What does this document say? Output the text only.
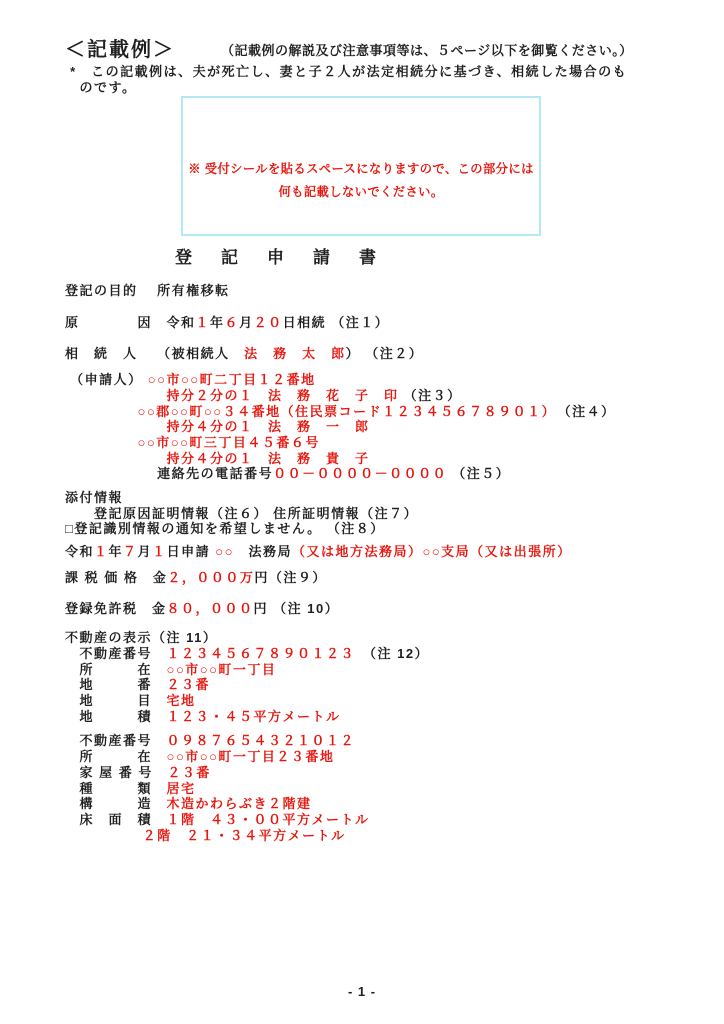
＜記載例＞	（記載例の解説及び注意事項等は、５ページ以下を御覧ください。）
*　この記載例は、夫が死亡し、妻と子２人が法定相続分に基づき、相続した場合のも
　のです。
※ 受付シールを貼るスペースになりますので、この部分には
何も記載しないでください。
登　記　申　請　書
登記の目的　 所有権移転
原　　　　因　令和１年６月２０日相続 （注１）
相　続　人　 （被相続人　法　務　太　郎） （注２）
（申請人） ○○市○○町二丁目１２番地
　　　　　　　持分２分の１　法　務　花　子　印 （注３）
　　　　　○○郡○○町○○３４番地（住民票コード１２３４５６７８９０１）　（注４）
　　　　　　　持分４分の１　法　務　一　郎
　　　　　○○市○○町三丁目４５番６号
　　　　　　　持分４分の１　法　務　貴　子
　　　　　　 連絡先の電話番号００－００００－００００ （注５）
添付情報
　　登記原因証明情報（注６） 住所証明情報（注７）
□登記識別情報の通知を希望しません。 （注８）
令和１年７月１日申請 ○○　法務局（又は地方法務局）○○支局（又は出張所）
課 税 価 格　金２，０００万円（注９）
登録免許税　金８０，０００円 （注 10）
不動産の表示（注 11）
　不動産番号　１２３４５６７８９０１２３　（注 12）
　所　　　在　○○市○○町一丁目
　地　　　番　２３番
　地　　　目　宅地
　地　　　積　１２３・４５平方メートル
　不動産番号　０９８７６５４３２１０１２
　所　　　在　○○市○○町一丁目２３番地
　家 屋 番 号　２３番
　種　　　類　居宅
　構　　　造　木造かわらぶき２階建
　床　面　積　１階　４３・００平方メートル
　　　　　 ２階　２１・３４平方メートル
- 1 -
